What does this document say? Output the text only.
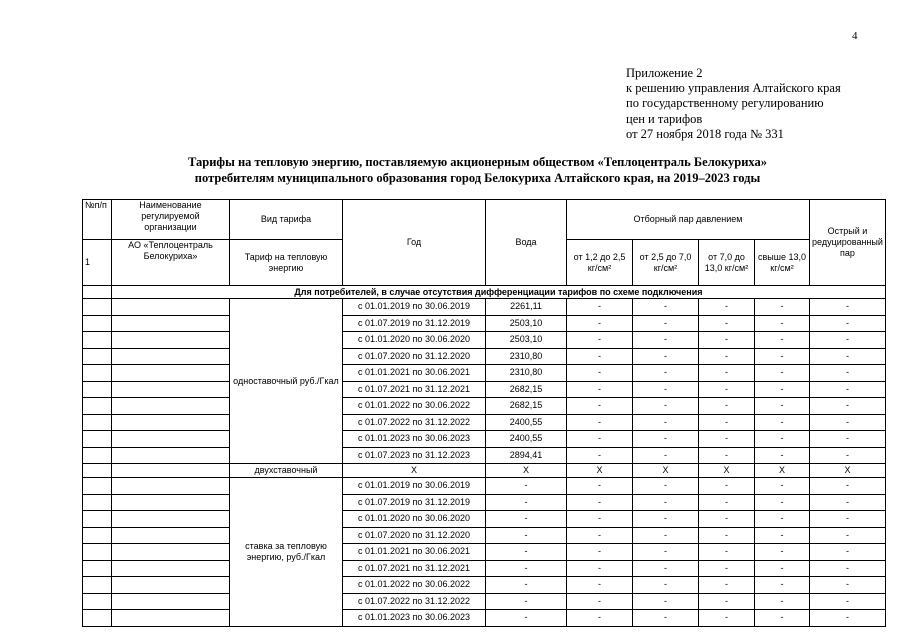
4
Приложение 2
к решению управления Алтайского края
по государственному регулированию
цен и тарифов
от 27 ноября 2018 года № 331
Тарифы на тепловую энергию, поставляемую акционерным обществом «Теплоцентраль Белокуриха»
потребителям муниципального образования город Белокуриха Алтайского края, на 2019–2023 годы
№п/п	Наименование регулируемой организации	Вид тарифа	Год	Вода	Отборный пар давлением				Острый и редуцированный пар
1	АО «Теплоцентраль Белокуриха»	Тариф на тепловую энергию			от 1,2 до 2,5 кг/см²	от 2,5 до 7,0 кг/см²	от 7,0 до 13,0 кг/см²	свыше 13,0 кг/см²	
	Для потребителей, в случае отсутствия дифференциации тарифов по схеме подключения								
		одноставочный руб./Гкал	с 01.01.2019 по 30.06.2019	2261,11	-	-	-	-	-
			с 01.07.2019 по 31.12.2019	2503,10	-	-	-	-	-
			с 01.01.2020 по 30.06.2020	2503,10	-	-	-	-	-
			с 01.07.2020 по 31.12.2020	2310,80	-	-	-	-	-
			с 01.01.2021 по 30.06.2021	2310,80	-	-	-	-	-
			с 01.07.2021 по 31.12.2021	2682,15	-	-	-	-	-
			с 01.01.2022 по 30.06.2022	2682,15	-	-	-	-	-
			с 01.07.2022 по 31.12.2022	2400,55	-	-	-	-	-
			с 01.01.2023 по 30.06.2023	2400,55	-	-	-	-	-
			с 01.07.2023 по 31.12.2023	2894,41	-	-	-	-	-
		двухставочный	X	X	X	X	X	X	X
		ставка за тепловую энергию, руб./Гкал	с 01.01.2019 по 30.06.2019	-	-	-	-	-	-
			с 01.07.2019 по 31.12.2019	-	-	-	-	-	-
			с 01.01.2020 по 30.06.2020	-	-	-	-	-	-
			с 01.07.2020 по 31.12.2020	-	-	-	-	-	-
			с 01.01.2021 по 30.06.2021	-	-	-	-	-	-
			с 01.07.2021 по 31.12.2021	-	-	-	-	-	-
			с 01.01.2022 по 30.06.2022	-	-	-	-	-	-
			с 01.07.2022 по 31.12.2022	-	-	-	-	-	-
			с 01.01.2023 по 30.06.2023	-	-	-	-	-	-
